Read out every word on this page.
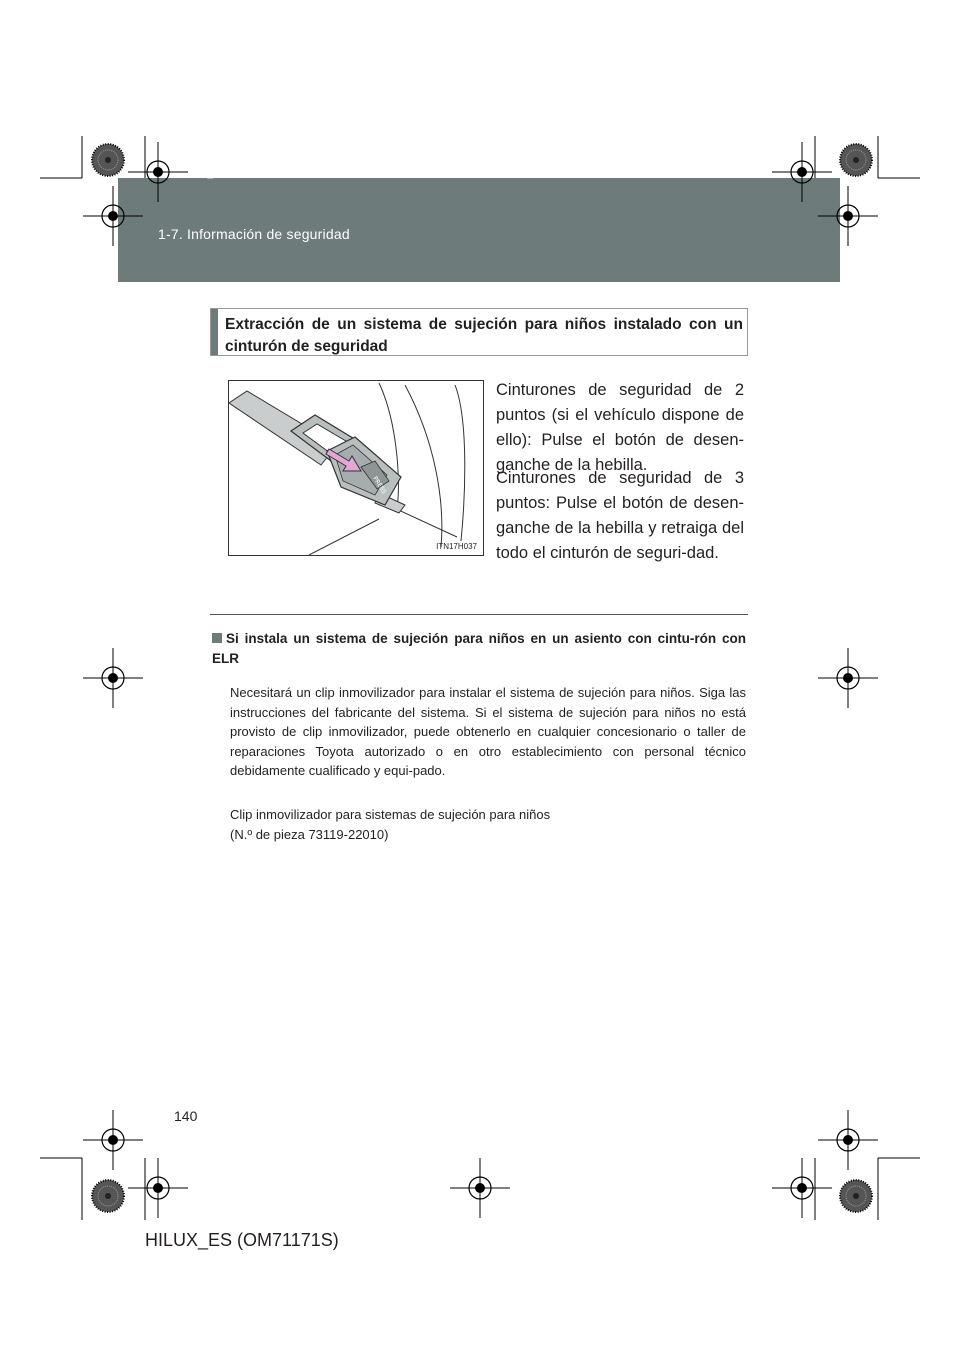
1-7. Información de seguridad
HILUX_ES.book Page 140 Wednesday, March 23, 2011 4:15 PM
Extracción de un sistema de sujeción para niños instalado con un cinturón de seguridad
PRESS
ITN17H037
Cinturones de seguridad de 2 puntos (si el vehículo dispone de ello): Pulse el botón de desen-ganche de la hebilla.
Cinturones de seguridad de 3 puntos: Pulse el botón de desen-ganche de la hebilla y retraiga del todo el cinturón de seguri-dad.
Si instala un sistema de sujeción para niños en un asiento con cintu-rón con ELR
Necesitará un clip inmovilizador para instalar el sistema de sujeción para niños. Siga las instrucciones del fabricante del sistema. Si el sistema de sujeción para niños no está provisto de clip inmovilizador, puede obtenerlo en cualquier concesionario o taller de reparaciones Toyota autorizado o en otro establecimiento con personal técnico debidamente cualificado y equi-pado.
Clip inmovilizador para sistemas de sujeción para niños
(N.º de pieza 73119-22010)
140
HILUX_ES (OM71171S)
